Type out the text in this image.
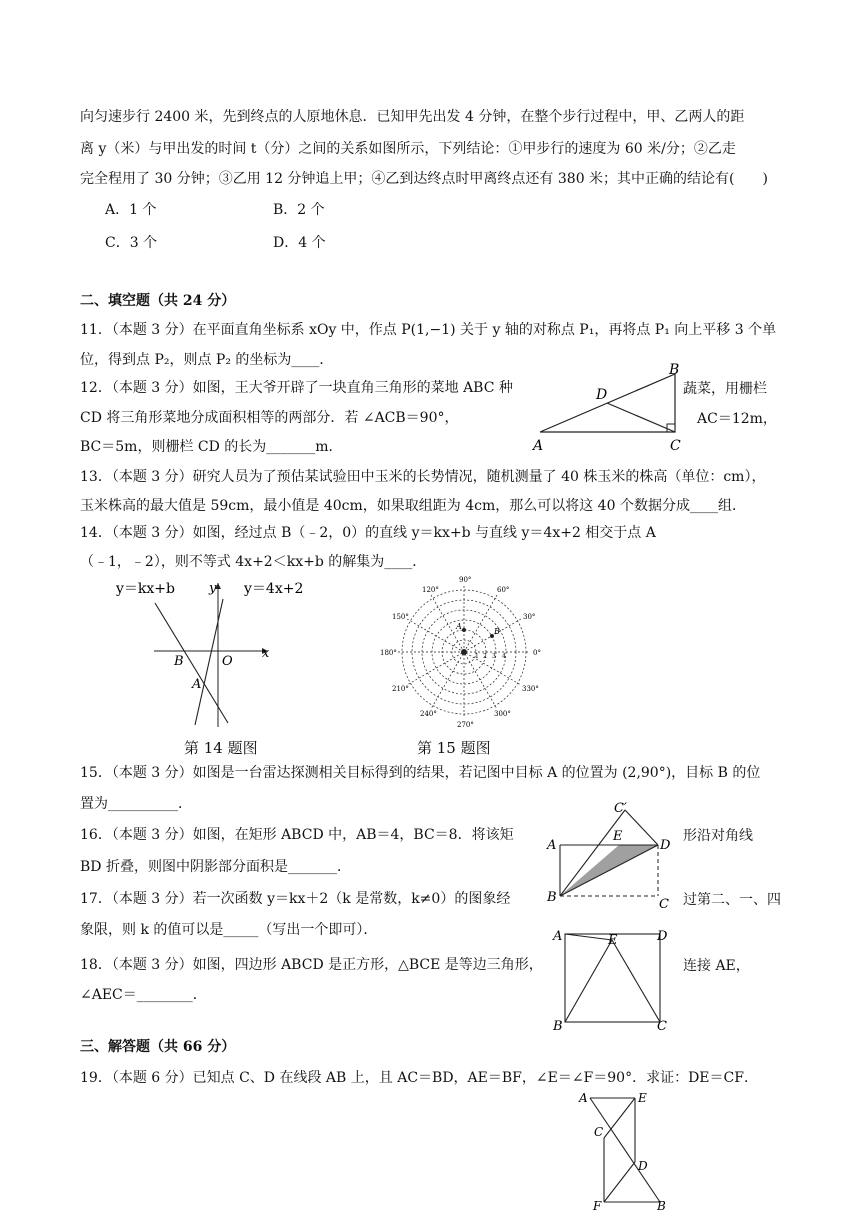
向匀速步行 2400 米，先到终点的人原地休息．已知甲先出发 4 分钟，在整个步行过程中，甲、乙两人的距
离 y（米）与甲出发的时间 t（分）之间的关系如图所示，下列结论：①甲步行的速度为 60 米/分；②乙走
完全程用了 30 分钟；③乙用 12 分钟追上甲；④乙到达终点时甲离终点还有 380 米；其中正确的结论有(　　)
A．1 个	B．2 个
C．3 个	D．4 个
二、填空题（共 24 分）
11．（本题 3 分）在平面直角坐标系 xOy 中，作点 P(1,−1) 关于 y 轴的对称点 P₁，再将点 P₁ 向上平移 3 个单
位，得到点 P₂，则点 P₂ 的坐标为____．
12．（本题 3 分）如图，王大爷开辟了一块直角三角形的菜地 ABC 种	蔬菜，用栅栏
CD 将三角形菜地分成面积相等的两部分．若 ∠ACB＝90°，	AC＝12m，
BC＝5m，则栅栏 CD 的长为_______m．	A	C
B
D
13．（本题 3 分）研究人员为了预估某试验田中玉米的长势情况，随机测量了 40 株玉米的株高（单位：cm），
玉米株高的最大值是 59cm，最小值是 40cm，如果取组距为 4cm，那么可以将这 40 个数据分成____组．
14．（本题 3 分）如图，经过点 B（﹣2，0）的直线 y＝kx+b 与直线 y＝4x+2 相交于点 A
（﹣1，﹣2），则不等式 4x+2＜kx+b 的解集为____．
y＝kx+b	y＝4x+2
y
x
O
B
A
第 14 题图
A
B
90°
60°
30°
0°
330°
300°
270°
240°
210°
180°
150°
120°
1 2 3 4
第 15 题图
15．（本题 3 分）如图是一台雷达探测相关目标得到的结果，若记图中目标 A 的位置为 (2,90°)，目标 B 的位
置为__________．
16．（本题 3 分）如图，在矩形 ABCD 中，AB＝4，BC＝8．将该矩	形沿对角线
BD 折叠，则图中阴影部分面积是_______．
A
B	C
D
E
C′
17．（本题 3 分）若一次函数 y＝kx＋2（k 是常数，k≠0）的图象经	过第二、一、四
象限，则 k 的值可以是_____（写出一个即可）．
18．（本题 3 分）如图，四边形 ABCD 是正方形，△BCE 是等边三角形，	连接 AE，
∠AEC＝________．
A
B	C
D
E
三、解答题（共 66 分）
19．（本题 6 分）已知点 C、D 在线段 AB 上，且 AC＝BD，AE＝BF，∠E＝∠F＝90°．求证：DE＝CF．
A	E
C
D
F	B
